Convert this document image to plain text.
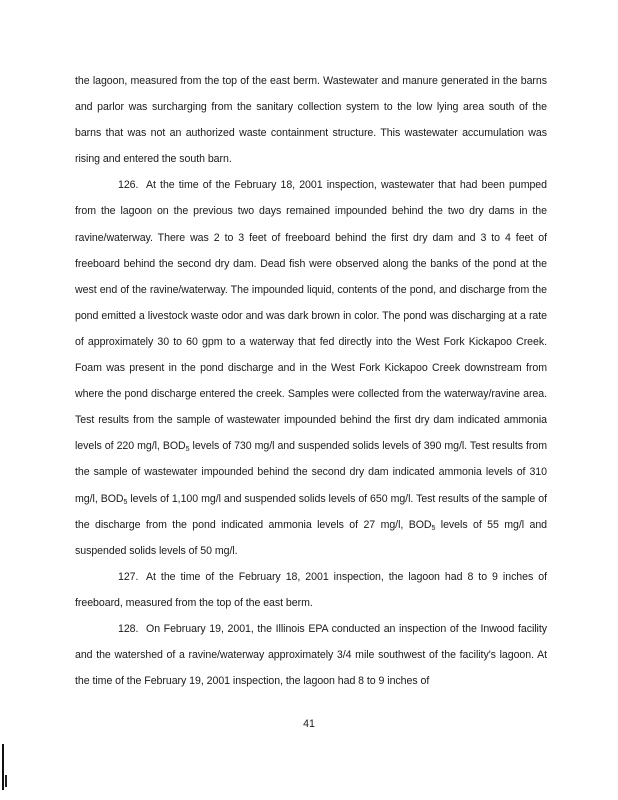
the lagoon, measured from the top of the east berm. Wastewater and manure generated in the barns and parlor was surcharging from the sanitary collection system to the low lying area south of the barns that was not an authorized waste containment structure. This wastewater accumulation was rising and entered the south barn.

126. At the time of the February 18, 2001 inspection, wastewater that had been pumped from the lagoon on the previous two days remained impounded behind the two dry dams in the ravine/waterway. There was 2 to 3 feet of freeboard behind the first dry dam and 3 to 4 feet of freeboard behind the second dry dam. Dead fish were observed along the banks of the pond at the west end of the ravine/waterway. The impounded liquid, contents of the pond, and discharge from the pond emitted a livestock waste odor and was dark brown in color. The pond was discharging at a rate of approximately 30 to 60 gpm to a waterway that fed directly into the West Fork Kickapoo Creek. Foam was present in the pond discharge and in the West Fork Kickapoo Creek downstream from where the pond discharge entered the creek. Samples were collected from the waterway/ravine area. Test results from the sample of wastewater impounded behind the first dry dam indicated ammonia levels of 220 mg/l, $BOD_5$ levels of 730 mg/l and suspended solids levels of 390 mg/l. Test results from the sample of wastewater impounded behind the second dry dam indicated ammonia levels of 310 mg/l, $BOD_5$ levels of 1,100 mg/l and suspended solids levels of 650 mg/l. Test results of the sample of the discharge from the pond indicated ammonia levels of 27 mg/l, $BOD_5$ levels of 55 mg/l and suspended solids levels of 50 mg/l.

127. At the time of the February 18, 2001 inspection, the lagoon had 8 to 9 inches of freeboard, measured from the top of the east berm.

128. On February 19, 2001, the Illinois EPA conducted an inspection of the Inwood facility and the watershed of a ravine/waterway approximately 3/4 mile southwest of the facility's lagoon. At the time of the February 19, 2001 inspection, the lagoon had 8 to 9 inches of

41
